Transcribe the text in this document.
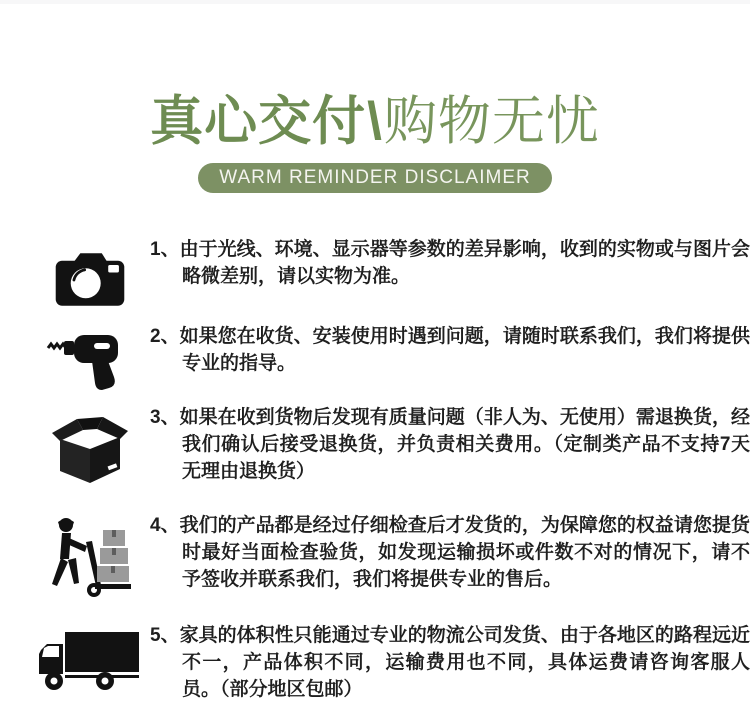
真心交付\购物无忧
WARM REMINDER DISCLAIMER

1、由于光线、环境、显示器等参数的差异影响，收到的实物或与图片会略微差别，请以实物为准。

2、如果您在收货、安装使用时遇到问题，请随时联系我们，我们将提供专业的指导。

3、如果在收到货物后发现有质量问题（非人为、无使用）需退换货，经我们确认后接受退换货，并负责相关费用。（定制类产品不支持7天无理由退换货）

4、我们的产品都是经过仔细检查后才发货的，为保障您的权益请您提货时最好当面检查验货，如发现运输损坏或件数不对的情况下，请不予签收并联系我们，我们将提供专业的售后。

5、家具的体积性只能通过专业的物流公司发货、由于各地区的路程远近不一，产品体积不同，运输费用也不同，具体运费请咨询客服人员。（部分地区包邮）
